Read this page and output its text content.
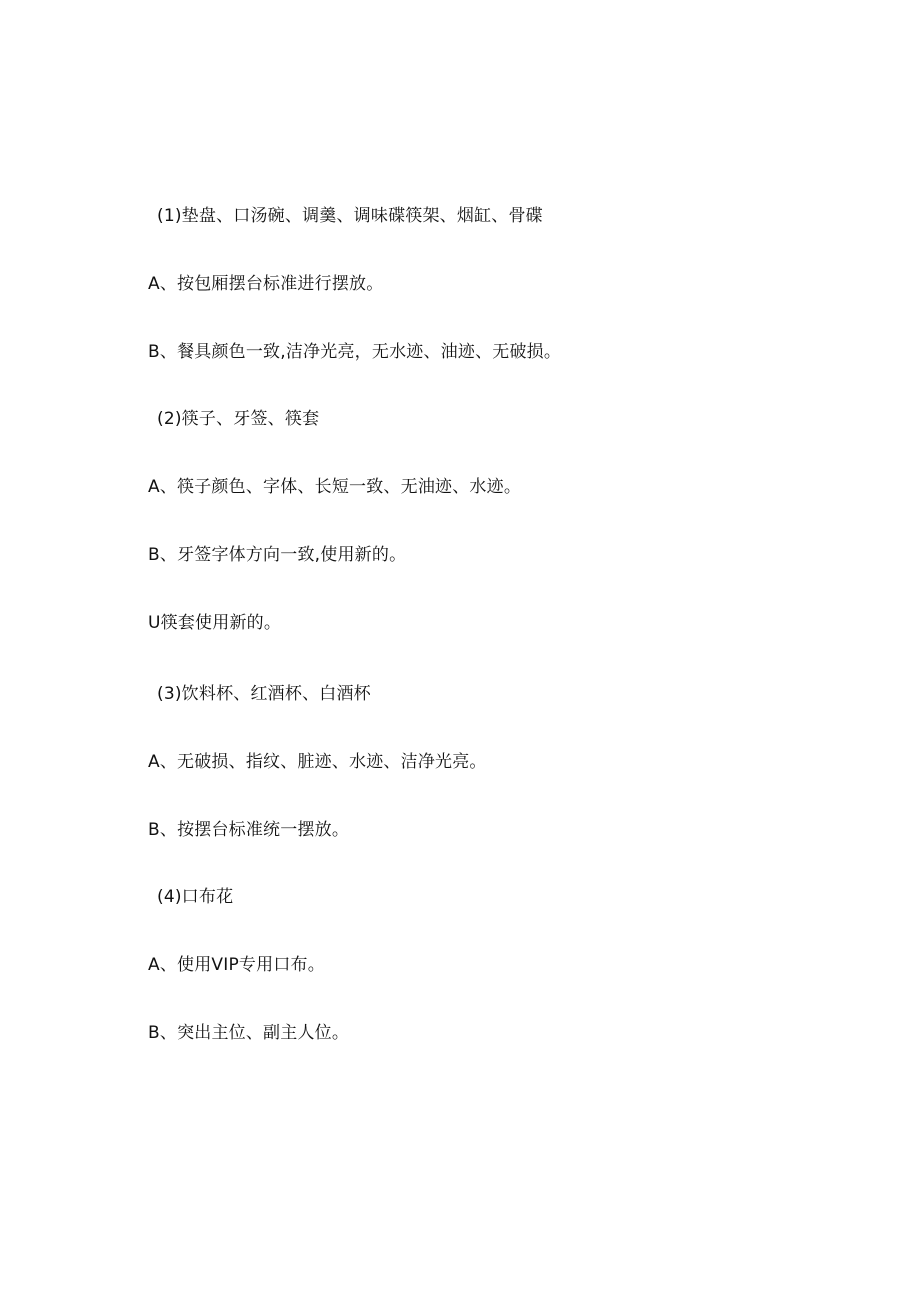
(1)垫盘、口汤碗、调羹、调味碟筷架、烟缸、骨碟
A、按包厢摆台标准进行摆放。
B、餐具颜色一致,洁净光亮，无水迹、油迹、无破损。
(2)筷子、牙签、筷套
A、筷子颜色、字体、长短一致、无油迹、水迹。
B、牙签字体方向一致,使用新的。
U筷套使用新的。
(3)饮料杯、红酒杯、白酒杯
A、无破损、指纹、脏迹、水迹、洁净光亮。
B、按摆台标准统一摆放。
(4)口布花
A、使用VIP专用口布。
B、突出主位、副主人位。
